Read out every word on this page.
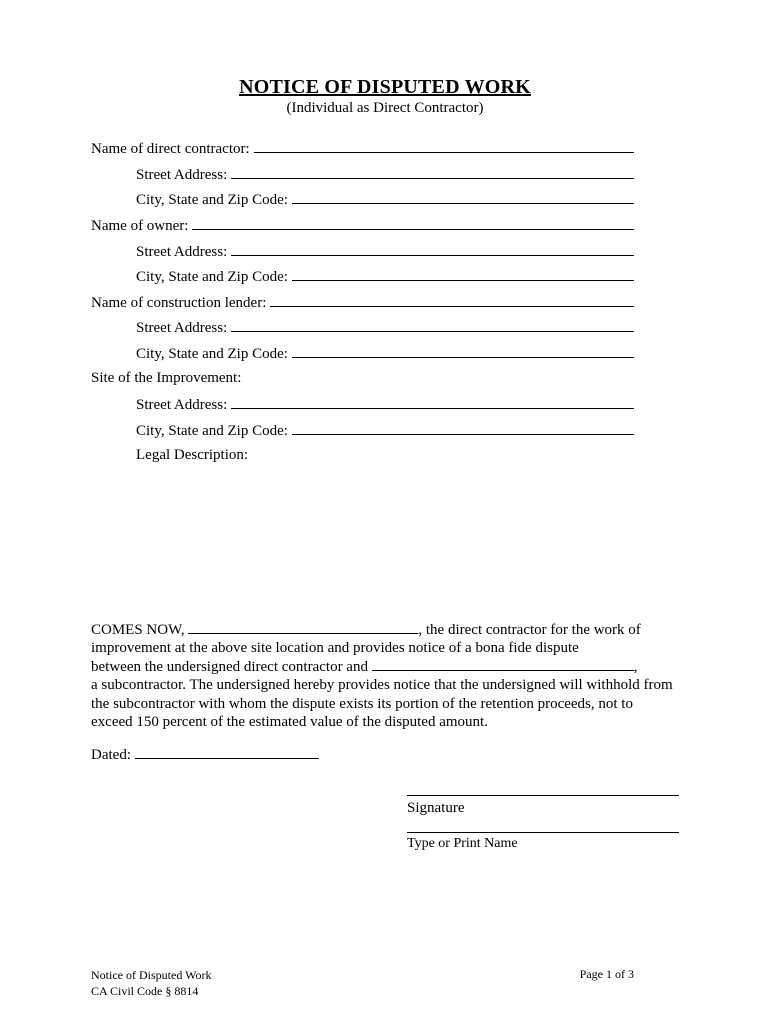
NOTICE OF DISPUTED WORK
(Individual as Direct Contractor)
Name of direct contractor:
Street Address:
City, State and Zip Code:
Name of owner:
Street Address:
City, State and Zip Code:
Name of construction lender:
Street Address:
City, State and Zip Code:
Site of the Improvement:
Street Address:
City, State and Zip Code:
Legal Description:
COMES NOW,	, the direct contractor for the work of
improvement at the above site location and provides notice of a bona fide dispute
between the undersigned direct contractor and	,
a subcontractor. The undersigned hereby provides notice that the undersigned will withhold from
the subcontractor with whom the dispute exists its portion of the retention proceeds, not to
exceed 150 percent of the estimated value of the disputed amount.
Dated:
Signature
Type or Print Name
Notice of Disputed Work
CA Civil Code § 8814
Page 1 of 3
